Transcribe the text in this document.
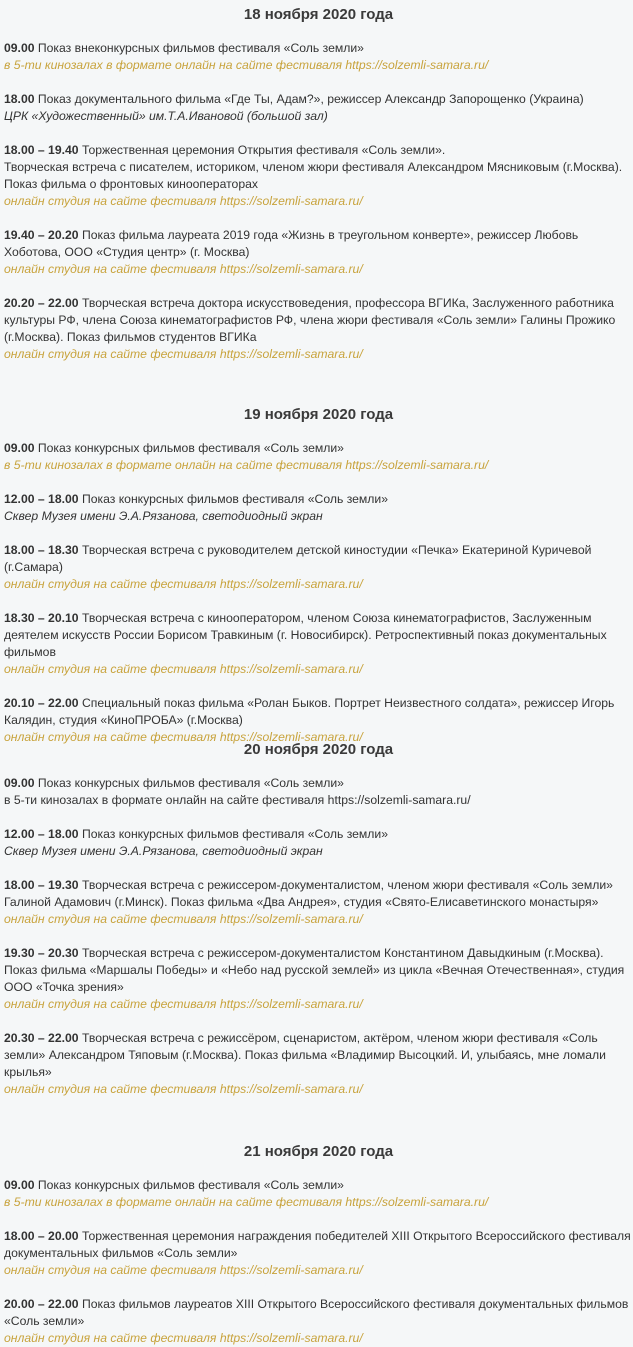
18 ноября 2020 года

09.00 Показ внеконкурсных фильмов фестиваля «Соль земли»

в 5-ти кинозалах в формате онлайн на сайте фестиваля https://solzemli-samara.ru/

18.00 Показ документального фильма «Где Ты, Адам?», режиссер Александр Запорощенко (Украина)

ЦРК «Художественный» им.Т.А.Ивановой (большой зал)

18.00 – 19.40 Торжественная церемония Открытия фестиваля «Соль земли».

Творческая встреча с писателем, историком, членом жюри фестиваля Александром Мясниковым (г.Москва).

Показ фильма о фронтовых кинооператорах

онлайн студия на сайте фестиваля https://solzemli-samara.ru/

19.40 – 20.20 Показ фильма лауреата 2019 года «Жизнь в треугольном конверте», режиссер Любовь Хоботова, ООО «Студия центр» (г. Москва)

онлайн студия на сайте фестиваля https://solzemli-samara.ru/

20.20 – 22.00 Творческая встреча доктора искусствоведения, профессора ВГИКа, Заслуженного работника культуры РФ, члена Союза кинематографистов РФ, члена жюри фестиваля «Соль земли» Галины Прожико (г.Москва). Показ фильмов студентов ВГИКа

онлайн студия на сайте фестиваля https://solzemli-samara.ru/

19 ноября 2020 года

09.00 Показ конкурсных фильмов фестиваля «Соль земли»

в 5-ти кинозалах в формате онлайн на сайте фестиваля https://solzemli-samara.ru/

12.00 – 18.00 Показ конкурсных фильмов фестиваля «Соль земли»

Сквер Музея имени Э.А.Рязанова, светодиодный экран

18.00 – 18.30 Творческая встреча с руководителем детской киностудии «Печка» Екатериной Куричевой (г.Самара)

онлайн студия на сайте фестиваля https://solzemli-samara.ru/

18.30 – 20.10 Творческая встреча с кинооператором, членом Союза кинематографистов, Заслуженным деятелем искусств России Борисом Травкиным (г. Новосибирск). Ретроспективный показ документальных фильмов

онлайн студия на сайте фестиваля https://solzemli-samara.ru/

20.10 – 22.00 Специальный показ фильма «Ролан Быков. Портрет Неизвестного солдата», режиссер Игорь Калядин, студия «КиноПРОБА» (г.Москва)

онлайн студия на сайте фестиваля https://solzemli-samara.ru/

20 ноября 2020 года

09.00 Показ конкурсных фильмов фестиваля «Соль земли»

в 5-ти кинозалах в формате онлайн на сайте фестиваля https://solzemli-samara.ru/

12.00 – 18.00 Показ конкурсных фильмов фестиваля «Соль земли»

Сквер Музея имени Э.А.Рязанова, светодиодный экран

18.00 – 19.30 Творческая встреча с режиссером-документалистом, членом жюри фестиваля «Соль земли» Галиной Адамович (г.Минск). Показ фильма «Два Андрея», студия «Свято-Елисаветинского монастыря»

онлайн студия на сайте фестиваля https://solzemli-samara.ru/

19.30 – 20.30 Творческая встреча с режиссером-документалистом Константином Давыдкиным (г.Москва). Показ фильма «Маршалы Победы» и «Небо над русской землей» из цикла «Вечная Отечественная», студия ООО «Точка зрения»

онлайн студия на сайте фестиваля https://solzemli-samara.ru/

20.30 – 22.00 Творческая встреча с режиссёром, сценаристом, актёром, членом жюри фестиваля «Соль земли» Александром Тяповым (г.Москва). Показ фильма «Владимир Высоцкий. И, улыбаясь, мне ломали крылья»

онлайн студия на сайте фестиваля https://solzemli-samara.ru/

21 ноября 2020 года

09.00 Показ конкурсных фильмов фестиваля «Соль земли»

в 5-ти кинозалах в формате онлайн на сайте фестиваля https://solzemli-samara.ru/

18.00 – 20.00 Торжественная церемония награждения победителей XIII Открытого Всероссийского фестиваля документальных фильмов «Соль земли»

онлайн студия на сайте фестиваля https://solzemli-samara.ru/

20.00 – 22.00 Показ фильмов лауреатов XIII Открытого Всероссийского фестиваля документальных фильмов «Соль земли»

онлайн студия на сайте фестиваля https://solzemli-samara.ru/
